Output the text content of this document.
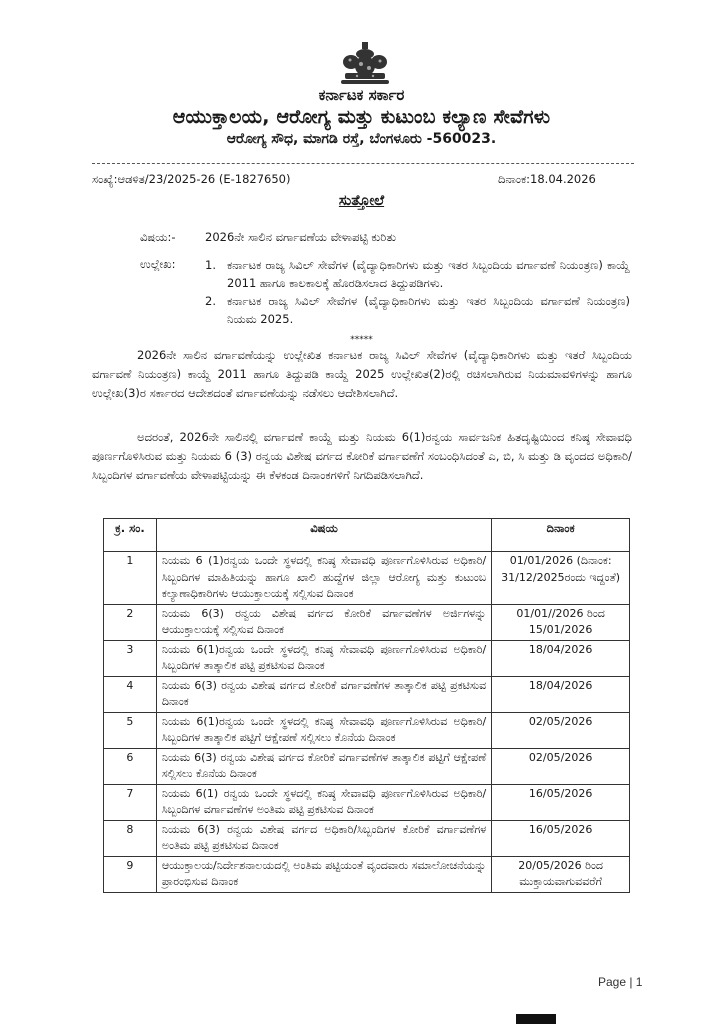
ಕರ್ನಾಟಕ ಸರ್ಕಾರ
ಆಯುಕ್ತಾಲಯ, ಆರೋಗ್ಯ ಮತ್ತು ಕುಟುಂಬ ಕಲ್ಯಾಣ ಸೇವೆಗಳು
ಆರೋಗ್ಯ ಸೌಧ, ಮಾಗಡಿ ರಸ್ತೆ, ಬೆಂಗಳೂರು -560023.
ಸಂಖ್ಯೆ:ಆಡಳಿತ/23/2025-26 (E-1827650)	ದಿನಾಂಕ:18.04.2026
ಸುತ್ತೋಲೆ
ವಿಷಯ:-	2026ನೇ ಸಾಲಿನ ವರ್ಗಾವಣೆಯ ವೇಳಾಪಟ್ಟಿ ಕುರಿತು
ಉಲ್ಲೇಖ:	1. ಕರ್ನಾಟಕ ರಾಜ್ಯ ಸಿವಿಲ್ ಸೇವೆಗಳ (ವೈದ್ಯಾಧಿಕಾರಿಗಳು ಮತ್ತು ಇತರ ಸಿಬ್ಬಂದಿಯ ವರ್ಗಾವಣೆ ನಿಯಂತ್ರಣ) ಕಾಯ್ದೆ 2011 ಹಾಗೂ ಕಾಲಕಾಲಕ್ಕೆ ಹೊರಡಿಸಲಾದ ತಿದ್ದುಪಡಿಗಳು.
2. ಕರ್ನಾಟಕ ರಾಜ್ಯ ಸಿವಿಲ್ ಸೇವೆಗಳ (ವೈದ್ಯಾಧಿಕಾರಿಗಳು ಮತ್ತು ಇತರ ಸಿಬ್ಬಂದಿಯ ವರ್ಗಾವಣೆ ನಿಯಂತ್ರಣ) ನಿಯಮ 2025.
*****
2026ನೇ ಸಾಲಿನ ವರ್ಗಾವಣೆಯನ್ನು ಉಲ್ಲೇಖಿತ ಕರ್ನಾಟಕ ರಾಜ್ಯ ಸಿವಿಲ್ ಸೇವೆಗಳ (ವೈದ್ಯಾಧಿಕಾರಿಗಳು ಮತ್ತು ಇತರೆ ಸಿಬ್ಬಂದಿಯ ವರ್ಗಾವಣೆ ನಿಯಂತ್ರಣ) ಕಾಯ್ದೆ 2011 ಹಾಗೂ ತಿದ್ದುಪಡಿ ಕಾಯ್ದೆ 2025 ಉಲ್ಲೇಖಿತ(2)ರಲ್ಲಿ ರಚಿಸಲಾಗಿರುವ ನಿಯಮಾವಳಿಗಳನ್ನು ಹಾಗೂ ಉಲ್ಲೇಖ(3)ರ ಸರ್ಕಾರದ ಆದೇಶದಂತೆ ವರ್ಗಾವಣೆಯನ್ನು ನಡೆಸಲು ಆದೇಶಿಸಲಾಗಿದೆ.
ಅದರಂತೆ, 2026ನೇ ಸಾಲಿನಲ್ಲಿ ವರ್ಗಾವಣೆ ಕಾಯ್ದೆ ಮತ್ತು ನಿಯಮ 6(1)ರನ್ವಯ ಸಾರ್ವಜನಿಕ ಹಿತದೃಷ್ಟಿಯಿಂದ ಕನಿಷ್ಠ ಸೇವಾವಧಿ ಪೂರ್ಣಗೊಳಿಸಿರುವ ಮತ್ತು ನಿಯಮ 6 (3) ರನ್ವಯ ವಿಶೇಷ ವರ್ಗದ ಕೋರಿಕೆ ವರ್ಗಾವಣೆಗೆ ಸಂಬಂಧಿಸಿದಂತೆ ಎ, ಬಿ, ಸಿ ಮತ್ತು ಡಿ ವೃಂದದ ಅಧಿಕಾರಿ/ಸಿಬ್ಬಂದಿಗಳ ವರ್ಗಾವಣೆಯ ವೇಳಾಪಟ್ಟಿಯನ್ನು ಈ ಕೆಳಕಂಡ ದಿನಾಂಕಗಳಿಗೆ ನಿಗದಿಪಡಿಸಲಾಗಿದೆ.
ಕ್ರ. ಸಂ.	ವಿಷಯ	ದಿನಾಂಕ
1	ನಿಯಮ 6 (1)ರನ್ವಯ ಒಂದೇ ಸ್ಥಳದಲ್ಲಿ ಕನಿಷ್ಠ ಸೇವಾವಧಿ ಪೂರ್ಣಗೊಳಿಸಿರುವ ಅಧಿಕಾರಿ/ಸಿಬ್ಬಂದಿಗಳ ಮಾಹಿತಿಯನ್ನು ಹಾಗೂ ಖಾಲಿ ಹುದ್ದೆಗಳ ಜಿಲ್ಲಾ ಆರೋಗ್ಯ ಮತ್ತು ಕುಟುಂಬ ಕಲ್ಯಾಣಾಧಿಕಾರಿಗಳು ಆಯುಕ್ತಾಲಯಕ್ಕೆ ಸಲ್ಲಿಸುವ ದಿನಾಂಕ	01/01/2026 (ದಿನಾಂಕ: 31/12/2025ರಂದು ಇದ್ದಂತೆ)
2	ನಿಯಮ 6(3) ರನ್ವಯ ವಿಶೇಷ ವರ್ಗದ ಕೋರಿಕೆ ವರ್ಗಾವಣೆಗಳ ಅರ್ಜಿಗಳನ್ನು ಆಯುಕ್ತಾಲಯಕ್ಕೆ ಸಲ್ಲಿಸುವ ದಿನಾಂಕ	01/01//2026 ರಿಂದ 15/01/2026
3	ನಿಯಮ 6(1)ರನ್ವಯ ಒಂದೇ ಸ್ಥಳದಲ್ಲಿ ಕನಿಷ್ಠ ಸೇವಾವಧಿ ಪೂರ್ಣಗೊಳಿಸಿರುವ ಅಧಿಕಾರಿ/ಸಿಬ್ಬಂದಿಗಳ ತಾತ್ಕಾಲಿಕ ಪಟ್ಟಿ ಪ್ರಕಟಿಸುವ ದಿನಾಂಕ	18/04/2026
4	ನಿಯಮ 6(3) ರನ್ವಯ ವಿಶೇಷ ವರ್ಗದ ಕೋರಿಕೆ ವರ್ಗಾವಣೆಗಳ ತಾತ್ಕಾಲಿಕ ಪಟ್ಟಿ ಪ್ರಕಟಿಸುವ ದಿನಾಂಕ	18/04/2026
5	ನಿಯಮ 6(1)ರನ್ವಯ ಒಂದೇ ಸ್ಥಳದಲ್ಲಿ ಕನಿಷ್ಠ ಸೇವಾವಧಿ ಪೂರ್ಣಗೊಳಿಸಿರುವ ಅಧಿಕಾರಿ/ಸಿಬ್ಬಂದಿಗಳ ತಾತ್ಕಾಲಿಕ ಪಟ್ಟಿಗೆ ಆಕ್ಷೇಪಣೆ ಸಲ್ಲಿಸಲು ಕೊನೆಯ ದಿನಾಂಕ	02/05/2026
6	ನಿಯಮ 6(3) ರನ್ವಯ ವಿಶೇಷ ವರ್ಗದ ಕೋರಿಕೆ ವರ್ಗಾವಣೆಗಳ ತಾತ್ಕಾಲಿಕ ಪಟ್ಟಿಗೆ ಆಕ್ಷೇಪಣೆ ಸಲ್ಲಿಸಲು ಕೊನೆಯ ದಿನಾಂಕ	02/05/2026
7	ನಿಯಮ 6(1) ರನ್ವಯ ಒಂದೇ ಸ್ಥಳದಲ್ಲಿ ಕನಿಷ್ಠ ಸೇವಾವಧಿ ಪೂರ್ಣಗೊಳಿಸಿರುವ ಅಧಿಕಾರಿ/ಸಿಬ್ಬಂದಿಗಳ ವರ್ಗಾವಣೆಗಳ ಅಂತಿಮ ಪಟ್ಟಿ ಪ್ರಕಟಿಸುವ ದಿನಾಂಕ	16/05/2026
8	ನಿಯಮ 6(3) ರನ್ವಯ ವಿಶೇಷ ವರ್ಗದ ಅಧಿಕಾರಿ/ಸಿಬ್ಬಂದಿಗಳ ಕೋರಿಕೆ ವರ್ಗಾವಣೆಗಳ ಅಂತಿಮ ಪಟ್ಟಿ ಪ್ರಕಟಿಸುವ ದಿನಾಂಕ	16/05/2026
9	ಆಯುಕ್ತಾಲಯ/ನಿರ್ದೇಶನಾಲಯದಲ್ಲಿ ಅಂತಿಮ ಪಟ್ಟಿಯಂತೆ ವೃಂದವಾರು ಸಮಾಲೋಚನೆಯನ್ನು ಪ್ರಾರಂಭಿಸುವ ದಿನಾಂಕ	20/05/2026 ರಿಂದ ಮುಕ್ತಾಯವಾಗುವವರೆಗೆ
Page | 1
